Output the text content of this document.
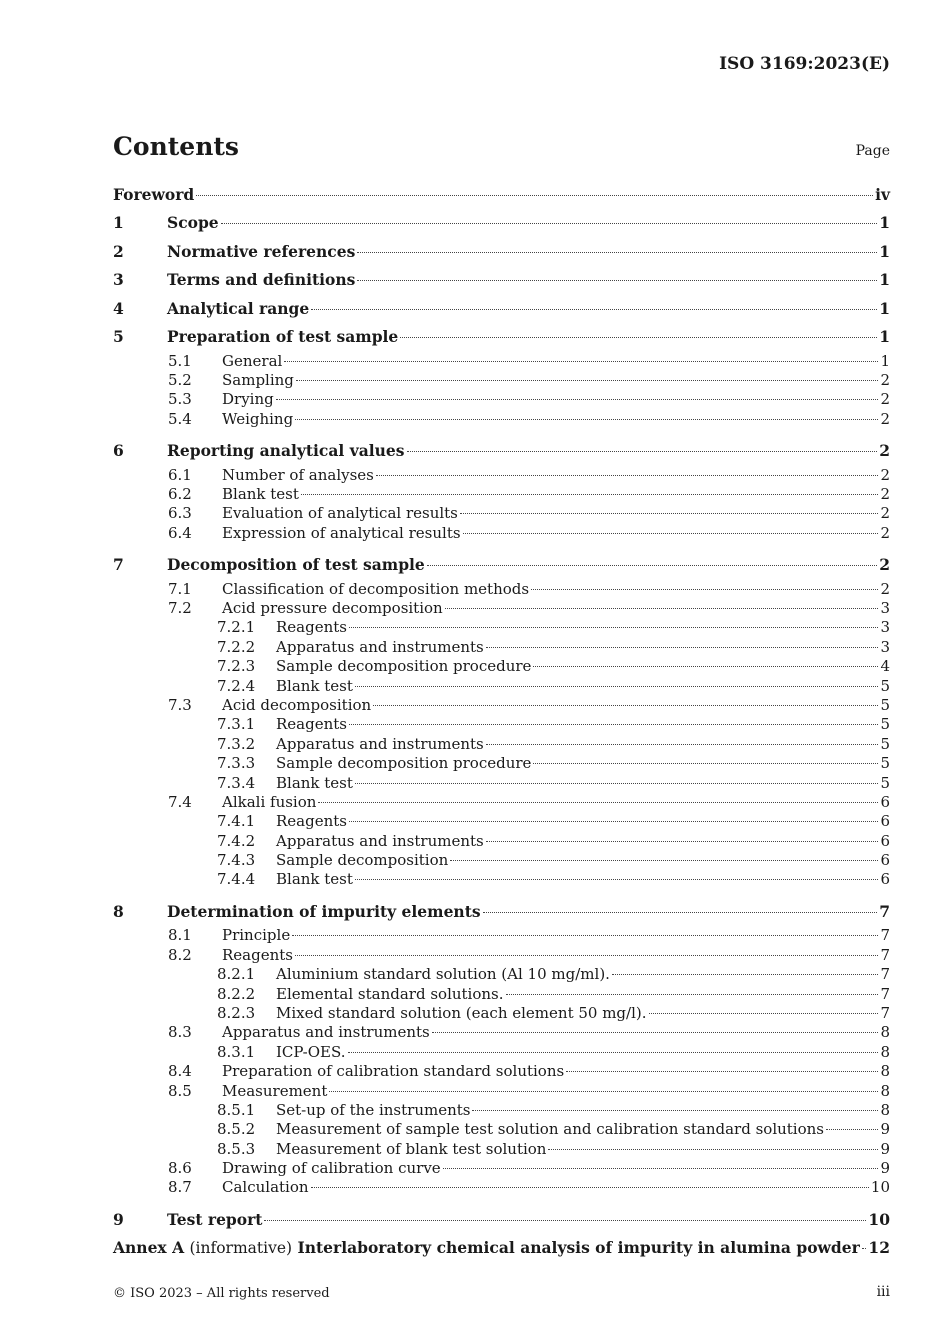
ISO 3169:2023(E)
Contents	Page
Foreword	iv
1	Scope	1
2	Normative references	1
3	Terms and definitions	1
4	Analytical range	1
5	Preparation of test sample	1
5.1 General	1
5.2 Sampling	2
5.3 Drying	2
5.4 Weighing	2
6	Reporting analytical values	2
6.1 Number of analyses	2
6.2 Blank test	2
6.3 Evaluation of analytical results	2
6.4 Expression of analytical results	2
7	Decomposition of test sample	2
7.1 Classification of decomposition methods	2
7.2 Acid pressure decomposition	3
7.2.1 Reagents	3
7.2.2 Apparatus and instruments	3
7.2.3 Sample decomposition procedure	4
7.2.4 Blank test	5
7.3 Acid decomposition	5
7.3.1 Reagents	5
7.3.2 Apparatus and instruments	5
7.3.3 Sample decomposition procedure	5
7.3.4 Blank test	5
7.4 Alkali fusion	6
7.4.1 Reagents	6
7.4.2 Apparatus and instruments	6
7.4.3 Sample decomposition	6
7.4.4 Blank test	6
8	Determination of impurity elements	7
8.1 Principle	7
8.2 Reagents	7
8.2.1 Aluminium standard solution (Al 10 mg/ml).	7
8.2.2 Elemental standard solutions.	7
8.2.3 Mixed standard solution (each element 50 mg/l).	7
8.3 Apparatus and instruments	8
8.3.1 ICP-OES.	8
8.4 Preparation of calibration standard solutions	8
8.5 Measurement	8
8.5.1 Set-up of the instruments	8
8.5.2 Measurement of sample test solution and calibration standard solutions	9
8.5.3 Measurement of blank test solution	9
8.6 Drawing of calibration curve	9
8.7 Calculation	10
9	Test report	10
Annex A (informative) Interlaboratory chemical analysis of impurity in alumina powder 12
© ISO 2023 – All rights reserved	iii
